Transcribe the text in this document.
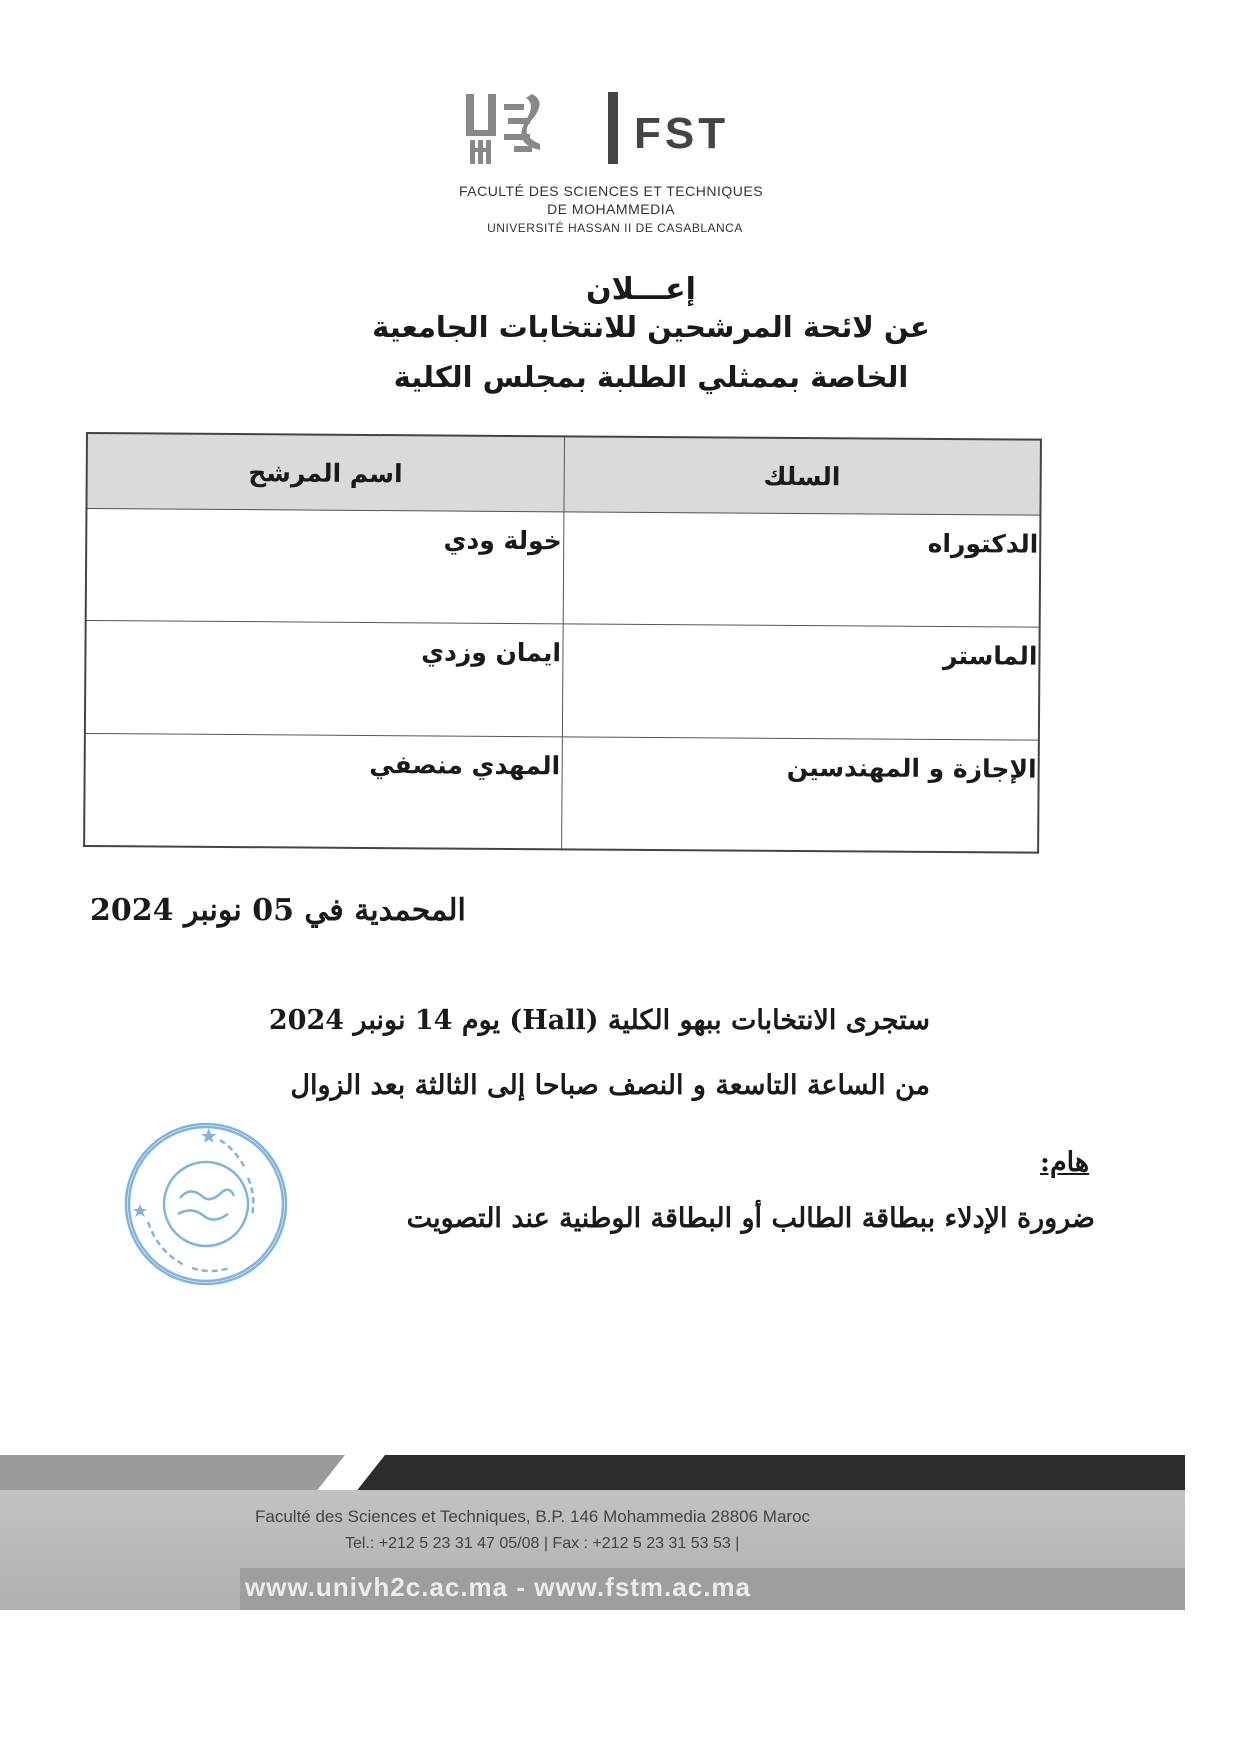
FST
FACULTÉ DES SCIENCES ET TECHNIQUES
DE MOHAMMEDIA
UNIVERSITÉ HASSAN II DE CASABLANCA
إعـــلان
عن لائحة المرشحين للانتخابات الجامعية
الخاصة بممثلي الطلبة بمجلس الكلية
السلك	اسم المرشح
الدكتوراه	خولة ودي
الماستر	ايمان وزدي
الإجازة و المهندسين	المهدي منصفي
المحمدية في 05 نونبر 2024
ستجرى الانتخابات ببهو الكلية (Hall) يوم 14 نونبر 2024
من الساعة التاسعة و النصف صباحا إلى الثالثة بعد الزوال
هام:
ضرورة الإدلاء ببطاقة الطالب أو البطاقة الوطنية عند التصويت
Faculté des Sciences et Techniques, B.P. 146 Mohammedia 28806 Maroc
Tel.: +212 5 23 31 47 05/08 | Fax : +212 5 23 31 53 53 |
www.univh2c.ac.ma - www.fstm.ac.ma
